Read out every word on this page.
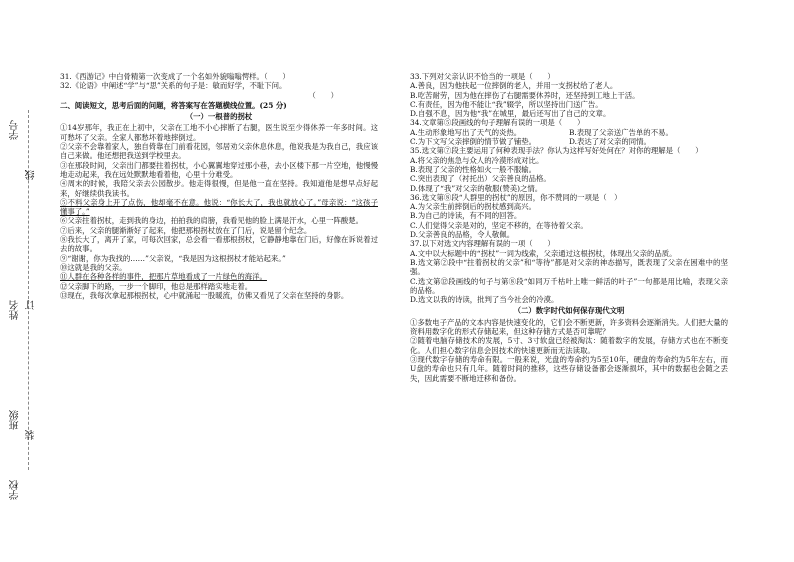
学号
姓名
班级
学校
线
订
装

31.《西游记》中白骨精第一次变成了一个名如外貌嗡嗡愕样。（　　）

32.《论语》中阐述“学”与“思”关系的句子是：敏而好学，不耻下问。

（　　）

二、阅读短文，思考后面的问题，将答案写在答题横线位置。(25 分)

（一）一根普的拐杖

①14岁那年，我正在上初中，父亲在工地不小心摔断了右腿，医生说至少得休养一年多时间。这可愁坏了父亲。全家人都愁坏着地摔倒过。

②父亲不会靠着家人，独自倚靠在门前看花园，邻居劝父亲休息休息，他说我是为我自己，我应该自己来做。他还想把我送到学校里去。

③在那段时间，父亲出门都要拄着拐杖，小心翼翼地穿过那小巷，去小区楼下那一片空地，他慢慢地走动起来，我在远处默默地看着他，心里十分难受。

④周末的时候，我陪父亲去公园散步。他走得很慢，但是他一直在坚持。我知道他是想早点好起来，好继续供我读书。

⑤不料父亲身上开了点伤，他却毫不在意。他说：“你长大了，我也就放心了。”母亲说：“这孩子懂事了。”

⑥父亲拄着拐杖，走到我的身边，拍拍我的肩膀，我看见他的脸上满是汗水，心里一阵酸楚。

⑦后来，父亲的腿渐渐好了起来，他把那根拐杖放在了门后，说是留个纪念。

⑧我长大了，离开了家，可每次回家，总会看一看那根拐杖，它静静地靠在门后，好像在诉说着过去的故事。

⑨“谢谢，你为我找的……”父亲说，“我是因为这根拐杖才能站起来。”

⑩这就是我的父亲。

⑪人群在各种各样的事件，把那片草地看成了一片绿色的海洋。

⑫父亲脚下的路，一步一个脚印，他总是那样踏实地走着。

⑬现在，我每次拿起那根拐杖，心中就涌起一股暖流，仿佛又看见了父亲在坚持的身影。

33.下列对父亲认识不恰当的一项是（　　）

A.善良，因为他扶起一位摔倒的老人，并用一支拐杖给了老人。

B.吃苦耐劳，因为他在摔伤了右腿需要休养时，还坚持到工地上干活。

C.有责任，因为他不能让“我”辍学，所以坚持出门送广告。

D.自强不息，因为他“我”在城里，最后还写出了自己的文章。

34.文章第⑤段画线的句子理解有误的一项是（　　）

A.生动形象地写出了天气的炎热。	B.表现了父亲送广告单的不易。

C.为下文写父亲摔倒的情节做了铺垫。	D.表达了对父亲的同情。

35.选文第⑦段主要运用了何种表现手法？你认为这样写好处何在？对你的理解是（　　）

A.将父亲的焦急与众人的冷漠形成对比。

B.表现了父亲的性格如火一般不服输。

C.突出表现了（衬托出）父亲善良的品格。

D.体现了“我”对父亲的敬服(赞美)之情。

36.选文第⑧段“人群里的拐杖”的原因，你不赞同的一项是（　）

A.为父亲生前摔倒后的拐杖感到高兴。

B.为自己的诗读，有不同的回答。

C.人们觉得父亲是对的，坚定不移的，在等待着父亲。

D.父亲善良的品格，令人敬佩。

37.以下对选文内容理解有误的一项（　　）

A.文中以大标题中的“拐杖”一词为线索，父亲通过这根拐杖，体现出父亲的品质。

B.选文第②段中“拄着拐杖的父亲”和“等待”都是对父亲的神态描写，既表现了父亲在困难中的坚强。

C.选文第⑫段画线的句子与第⑧段“如同万千枯叶上唯一鲜活的叶子”一句都是用比喻，表现父亲的品格。

D.选文以我的诗读，批判了当今社会的冷漠。

（二）数字时代如何保存现代文明

①多数电子产品的文本内容是快速变化的，它们会不断更新，许多资料会逐渐消失。人们把大量的资料用数字化的形式存储起来，但这种存储方式是否可靠呢？

②随着电脑存储技术的发展，5寸、3寸软盘已经被淘汰：随着数字的发展，存储方式也在不断变化。人们担心数字信息会因技术的快速更新而无法读取。

③现代数字存储的寿命有限。一般来说，光盘的寿命约为5至10年，硬盘的寿命约为5年左右，而U盘的寿命也只有几年。随着时间的推移，这些存储设备都会逐渐损坏，其中的数据也会随之丢失，因此需要不断地迁移和备份。
